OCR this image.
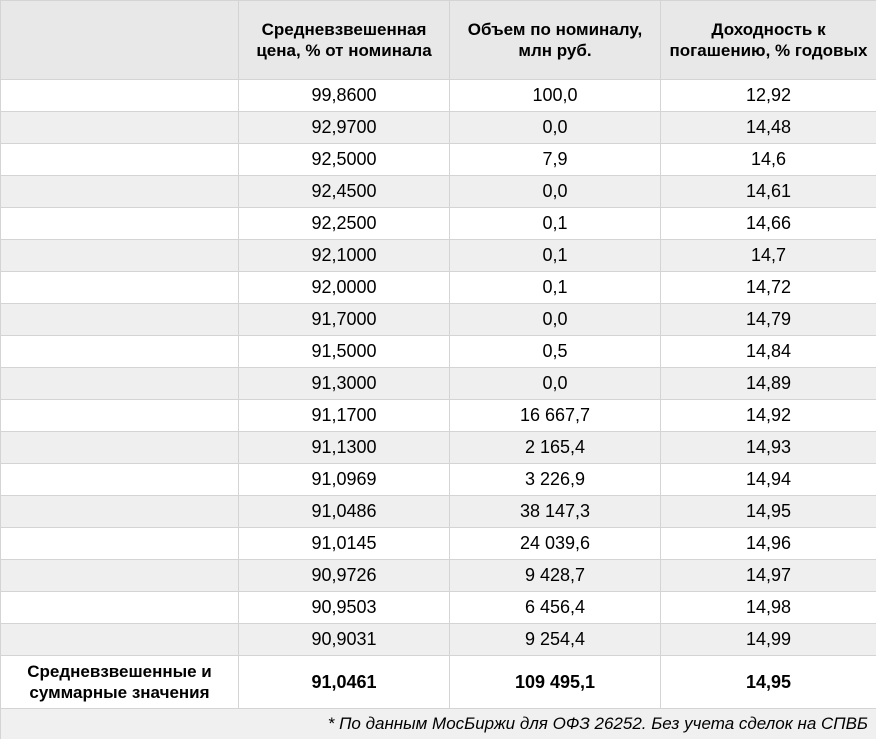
	Средневзвешенная цена, % от номинала	Объем по номиналу, млн руб.	Доходность к погашению, % годовых
	99,8600	100,0	12,92
	92,9700	0,0	14,48
	92,5000	7,9	14,6
	92,4500	0,0	14,61
	92,2500	0,1	14,66
	92,1000	0,1	14,7
	92,0000	0,1	14,72
	91,7000	0,0	14,79
	91,5000	0,5	14,84
	91,3000	0,0	14,89
	91,1700	16 667,7	14,92
	91,1300	2 165,4	14,93
	91,0969	3 226,9	14,94
	91,0486	38 147,3	14,95
	91,0145	24 039,6	14,96
	90,9726	9 428,7	14,97
	90,9503	6 456,4	14,98
	90,9031	9 254,4	14,99
Средневзвешенные и суммарные значения	91,0461	109 495,1	14,95
* По данным МосБиржи для ОФЗ 26252. Без учета сделок на СПВБ			
